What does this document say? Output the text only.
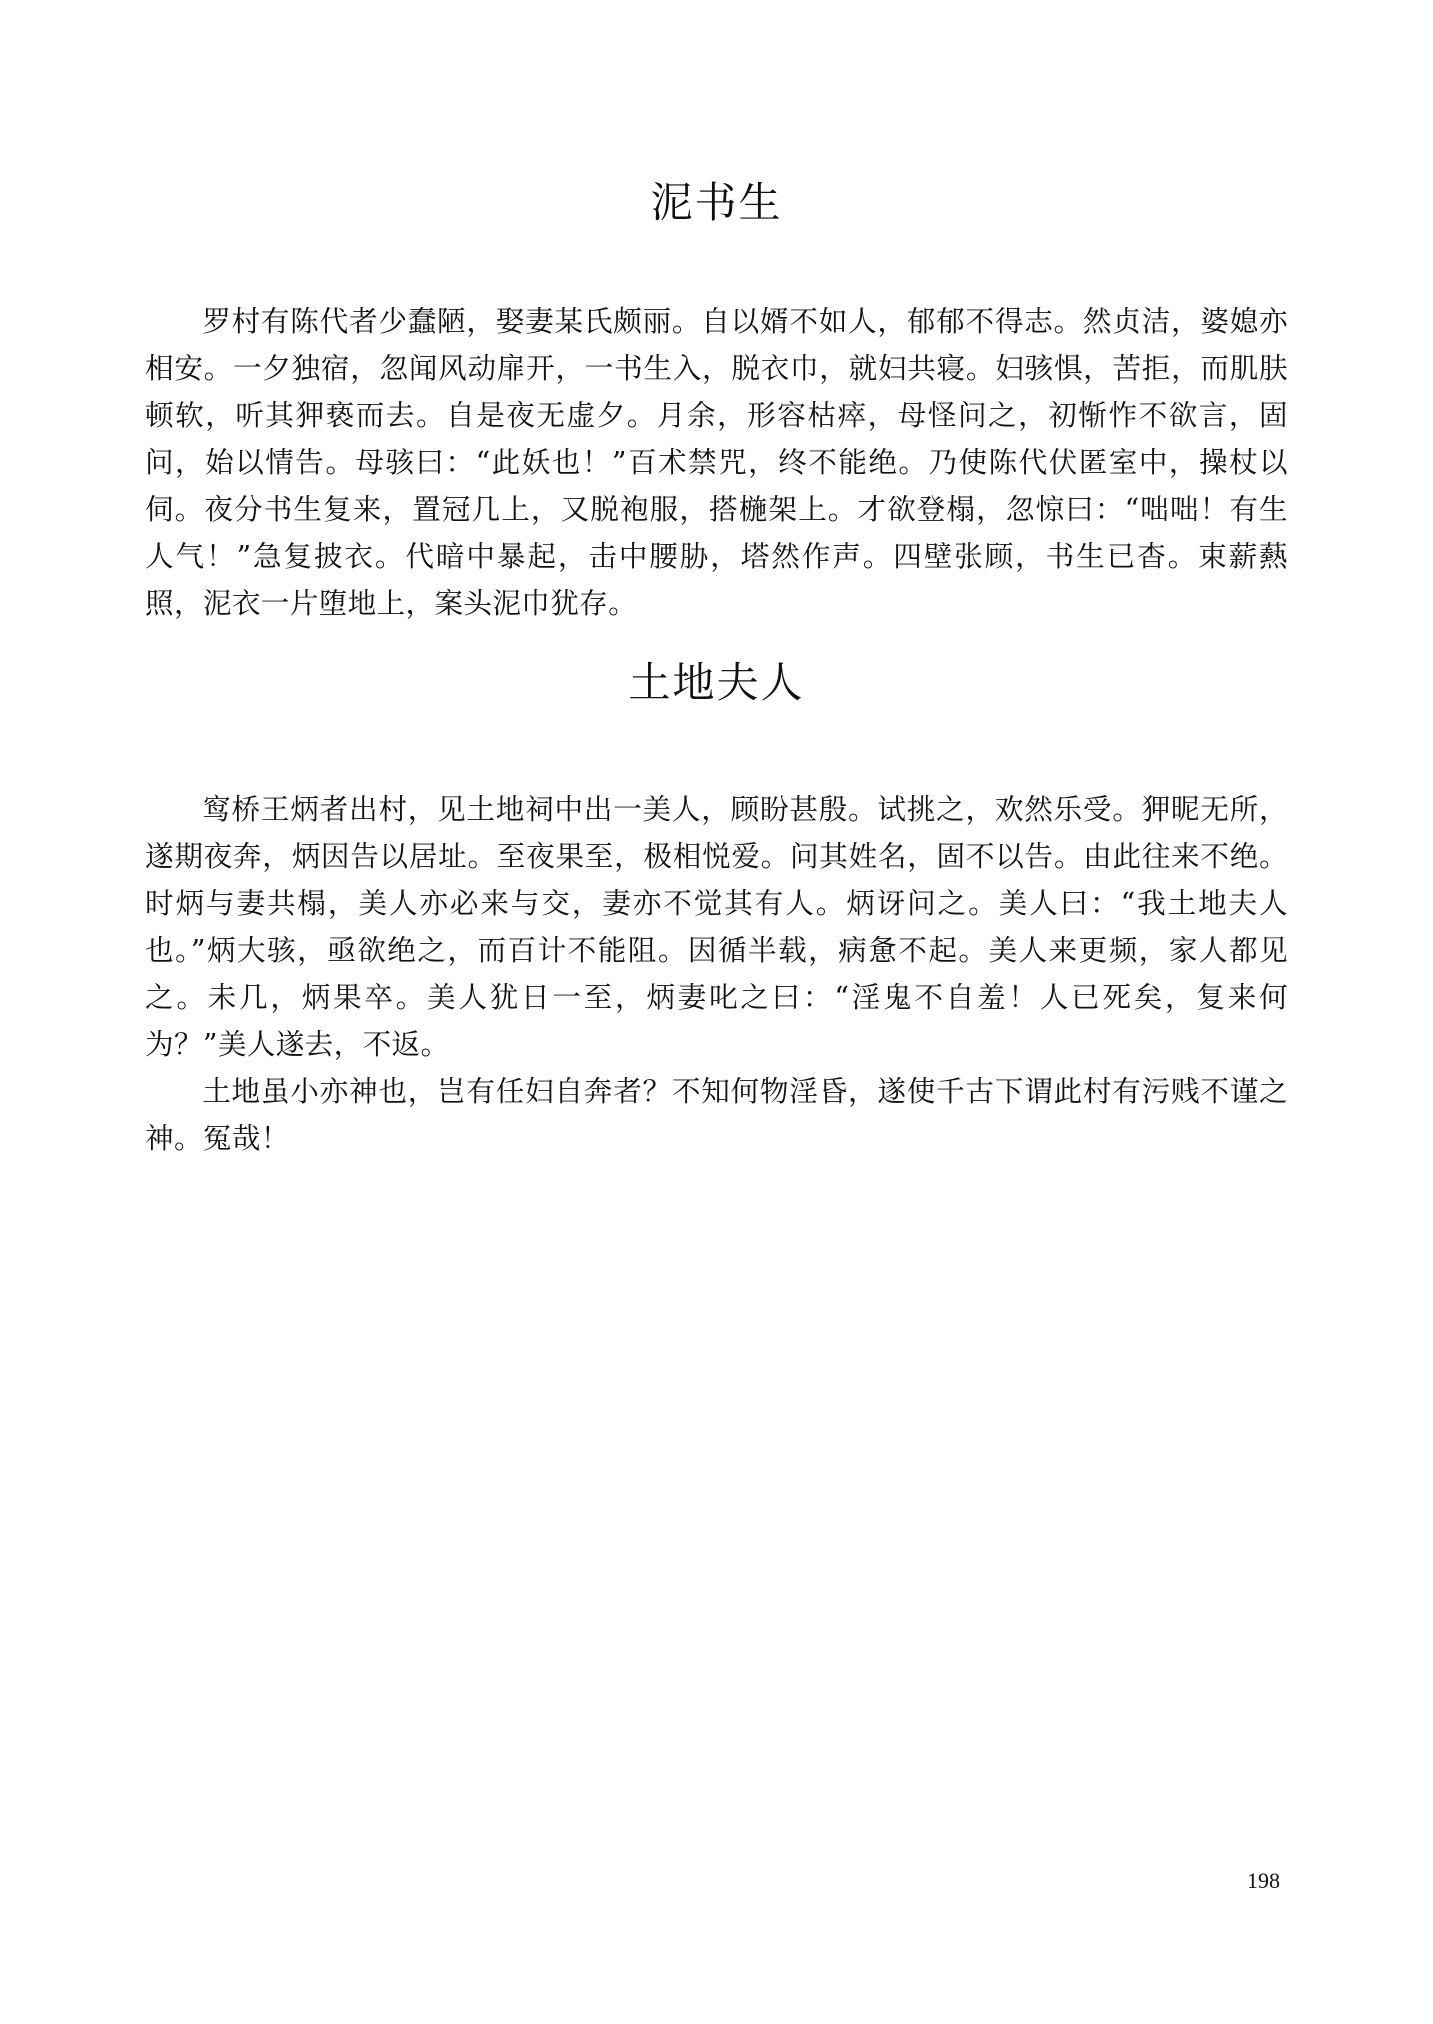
泥书生

罗村有陈代者少蠢陋，娶妻某氏颇丽。自以婿不如人，郁郁不得志。然贞洁，婆媳亦相安。一夕独宿，忽闻风动扉开，一书生入，脱衣巾，就妇共寝。妇骇惧，苦拒，而肌肤顿软，听其狎亵而去。自是夜无虚夕。月余，形容枯瘁，母怪问之，初惭怍不欲言，固问，始以情告。母骇曰：“此妖也！”百术禁咒，终不能绝。乃使陈代伏匿室中，操杖以伺。夜分书生复来，置冠几上，又脱袍服，搭椸架上。才欲登榻，忽惊曰：“咄咄！有生人气！”急复披衣。代暗中暴起，击中腰胁，塔然作声。四壁张顾，书生已杳。束薪爇照，泥衣一片堕地上，案头泥巾犹存。

土地夫人

窎桥王炳者出村，见土地祠中出一美人，顾盼甚殷。试挑之，欢然乐受。狎昵无所，遂期夜奔，炳因告以居址。至夜果至，极相悦爱。问其姓名，固不以告。由此往来不绝。时炳与妻共榻，美人亦必来与交，妻亦不觉其有人。炳讶问之。美人曰：“我土地夫人也。”炳大骇，亟欲绝之，而百计不能阻。因循半载，病惫不起。美人来更频，家人都见之。未几，炳果卒。美人犹日一至，炳妻叱之曰：“淫鬼不自羞！人已死矣，复来何为？”美人遂去，不返。

土地虽小亦神也，岂有任妇自奔者？不知何物淫昏，遂使千古下谓此村有污贱不谨之神。冤哉！

198
